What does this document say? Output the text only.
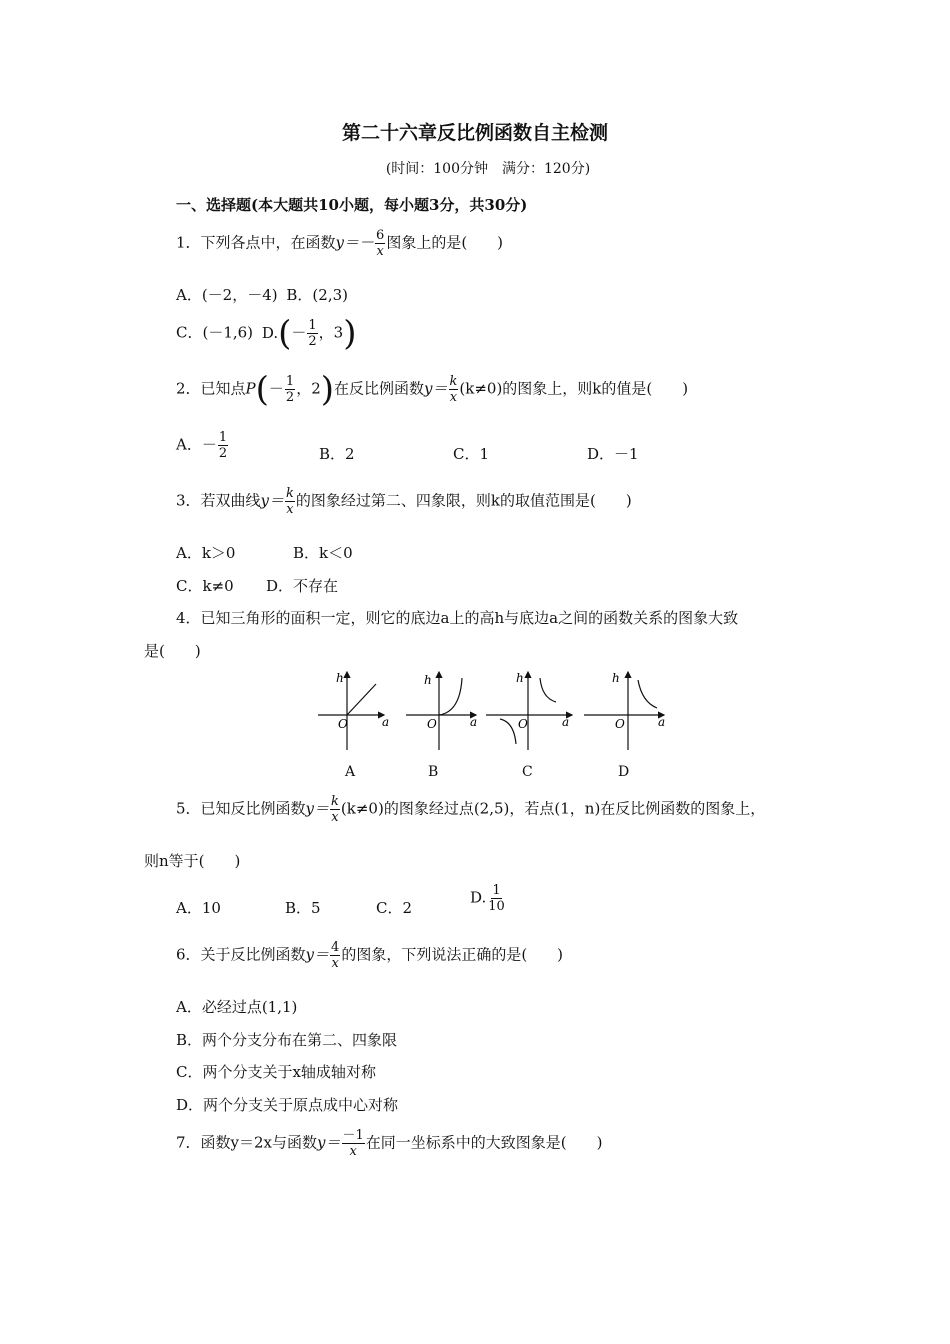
第二十六章反比例函数自主检测
(时间：100分钟　满分：120分)
一、选择题(本大题共10小题，每小题3分，共30分)
1．下列各点中，在函数$y=- \frac{6}{x}$ 图象上的是(　　)
A．(－2，－4) B．(2,3)
C．(－1,6) $D.(- \frac{1}{2}$ ，3)
2．已知点$P(- \frac{1}{2}$ ，2)在反比例函数$y= \frac{k}{x} (k\ne 0)$的图象上，则k的值是(　　)
A．－ $\frac{1}{2}$	B．2	C．1	D．－1
3．若双曲线$y= \frac{k}{x}$ 的图象经过第二、四象限，则k的取值范围是(　　)
A．k＞0	B．k＜0
C．k≠0 D．不存在
4．已知三角形的面积一定，则它的底边a上的高h与底边a之间的函数关系的图象大致
是(　　)
h
a
O
h
a
O
h
a
O
h
a
O
A	B	C	D
5．已知反比例函数$y= \frac{k}{x} (k\ne 0)$的图象经过点(2,5)，若点(1，n)在反比例函数的图象上，
则n等于(　　)
A．10	B．5	C．2
D. $\frac{1}{10}$
6．关于反比例函数$y= \frac{4}{x}$ 的图象，下列说法正确的是(　　)
A．必经过点(1,1)
B．两个分支分布在第二、四象限
C．两个分支关于x轴成轴对称
D．两个分支关于原点成中心对称
7．函数y＝2x与函数$y= \frac{-1}{x}$ 在同一坐标系中的大致图象是(　　)
